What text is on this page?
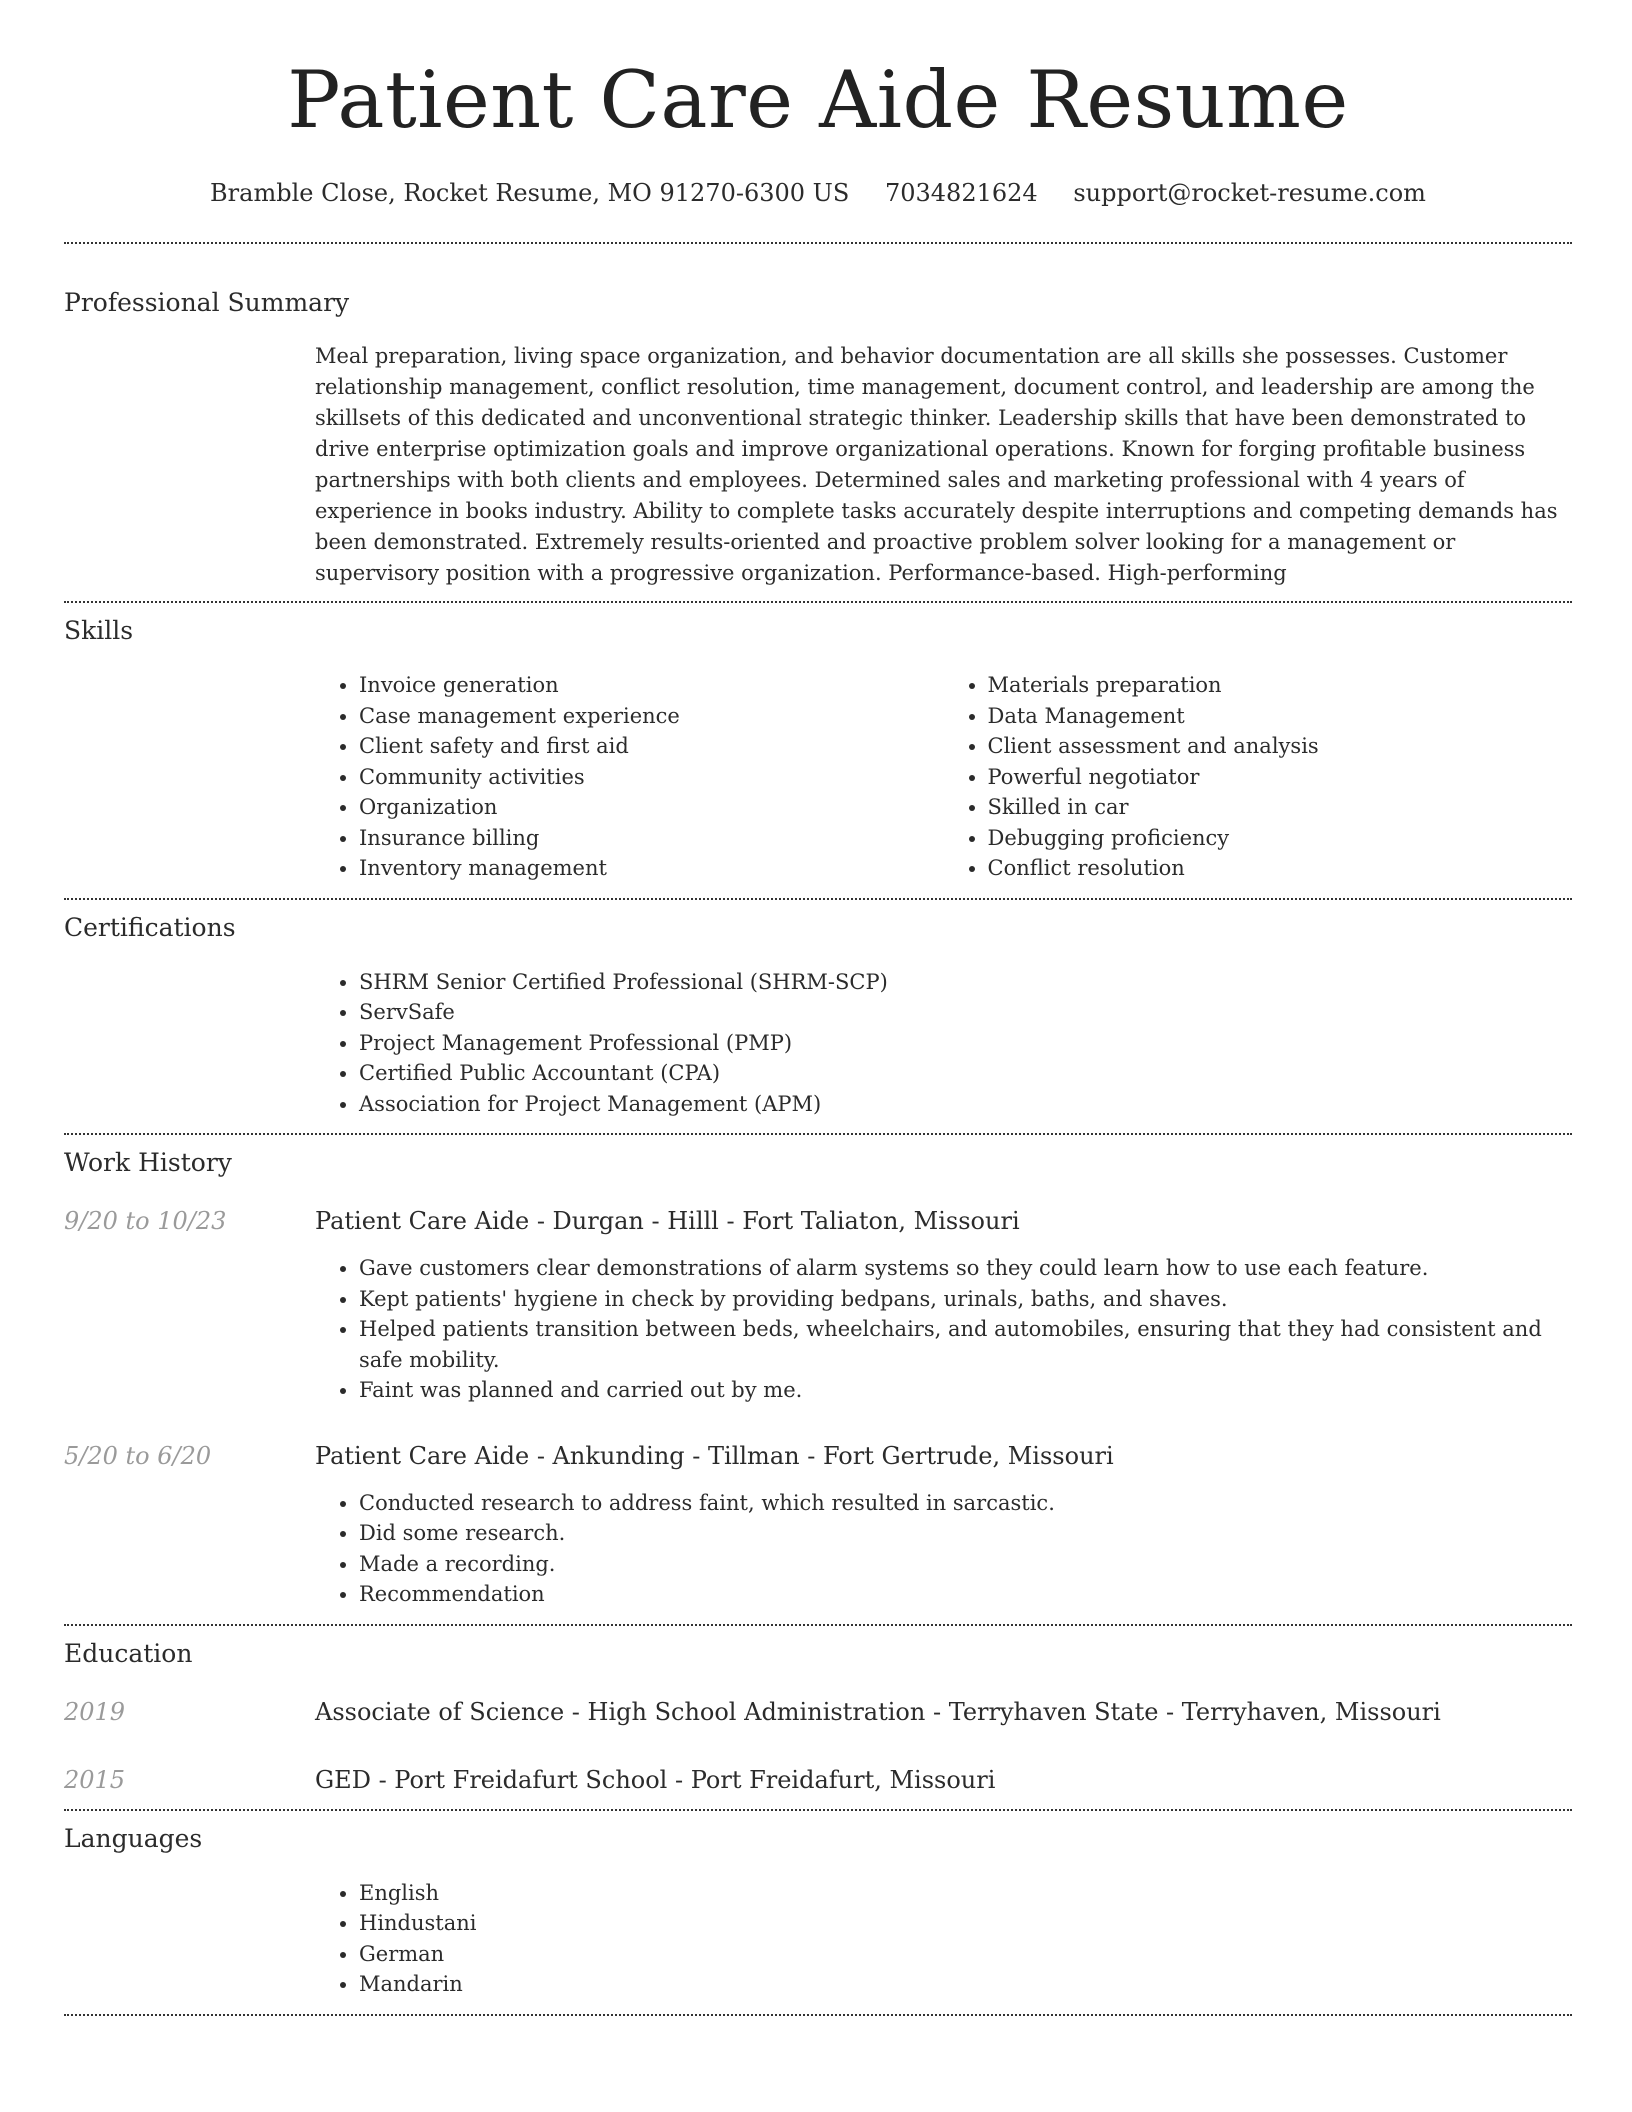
Patient Care Aide Resume
Bramble Close, Rocket Resume, MO 91270-6300 US 7034821624 support@rocket-resume.com
Professional Summary

Meal preparation, living space organization, and behavior documentation are all skills she possesses. Customer relationship management, conflict resolution, time management, document control, and leadership are among the skillsets of this dedicated and unconventional strategic thinker. Leadership skills that have been demonstrated to drive enterprise optimization goals and improve organizational operations. Known for forging profitable business partnerships with both clients and employees. Determined sales and marketing professional with 4 years of experience in books industry. Ability to complete tasks accurately despite interruptions and competing demands has been demonstrated. Extremely results-oriented and proactive problem solver looking for a management or supervisory position with a progressive organization. Performance-based. High-performing

Skills
• Invoice generation
• Case management experience
• Client safety and first aid
• Community activities
• Organization
• Insurance billing
• Inventory management
• Materials preparation
• Data Management
• Client assessment and analysis
• Powerful negotiator
• Skilled in car
• Debugging proficiency
• Conflict resolution
Certifications
• SHRM Senior Certified Professional (SHRM-SCP)
• ServSafe
• Project Management Professional (PMP)
• Certified Public Accountant (CPA)
• Association for Project Management (APM)
Work History
9/20 to 10/23	Patient Care Aide - Durgan - Hilll - Fort Taliaton, Missouri
• Gave customers clear demonstrations of alarm systems so they could learn how to use each feature.
• Kept patients' hygiene in check by providing bedpans, urinals, baths, and shaves.
• Helped patients transition between beds, wheelchairs, and automobiles, ensuring that they had consistent and safe mobility.
• Faint was planned and carried out by me.
5/20 to 6/20	Patient Care Aide - Ankunding - Tillman - Fort Gertrude, Missouri
• Conducted research to address faint, which resulted in sarcastic.
• Did some research.
• Made a recording.
• Recommendation
Education
2019	Associate of Science - High School Administration - Terryhaven State - Terryhaven, Missouri
2015	GED - Port Freidafurt School - Port Freidafurt, Missouri
Languages
• English
• Hindustani
• German
• Mandarin
